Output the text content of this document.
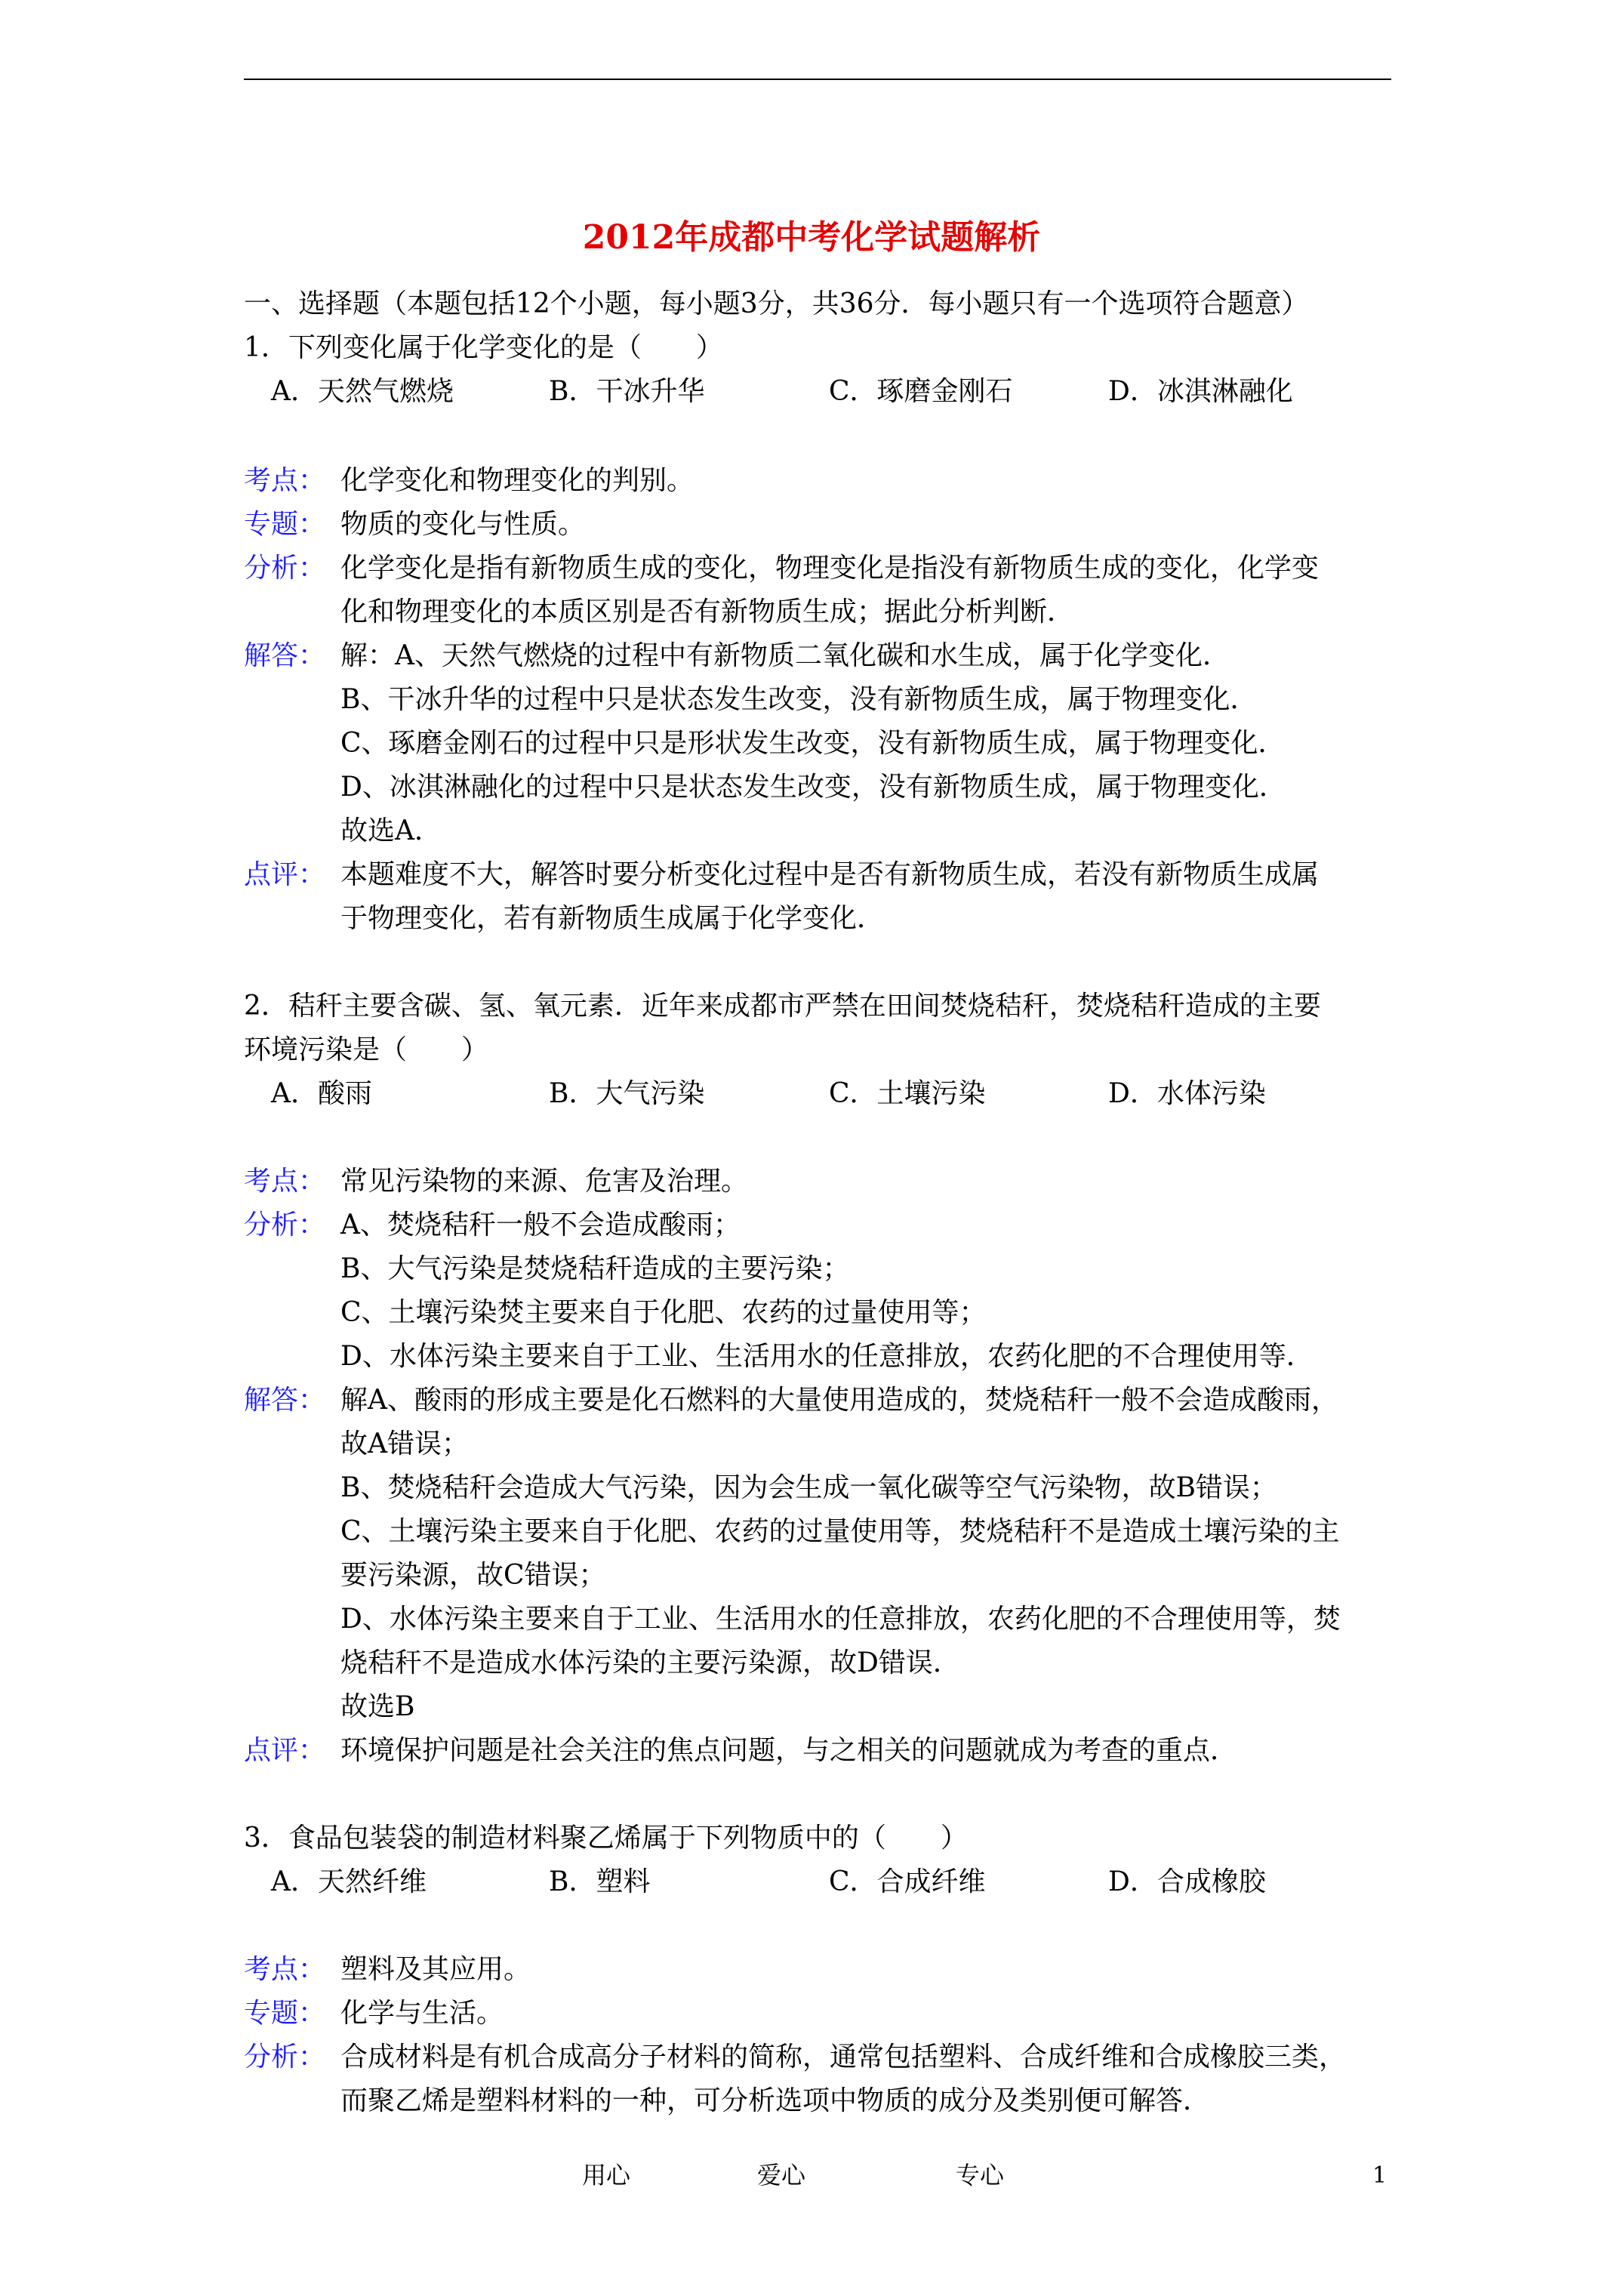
2012年成都中考化学试题解析
一、选择题（本题包括12个小题，每小题3分，共36分．每小题只有一个选项符合题意）
1．下列变化属于化学变化的是（　　）
A．天然气燃烧	B．干冰升华	C．琢磨金刚石	D．冰淇淋融化
考点： 化学变化和物理变化的判别。
专题： 物质的变化与性质。
分析： 化学变化是指有新物质生成的变化，物理变化是指没有新物质生成的变化，化学变
化和物理变化的本质区别是否有新物质生成；据此分析判断．
解答： 解：A、天然气燃烧的过程中有新物质二氧化碳和水生成，属于化学变化．
B、干冰升华的过程中只是状态发生改变，没有新物质生成，属于物理变化．
C、琢磨金刚石的过程中只是形状发生改变，没有新物质生成，属于物理变化．
D、冰淇淋融化的过程中只是状态发生改变，没有新物质生成，属于物理变化．
故选A．
点评： 本题难度不大，解答时要分析变化过程中是否有新物质生成，若没有新物质生成属
于物理变化，若有新物质生成属于化学变化．
2．秸秆主要含碳、氢、氧元素．近年来成都市严禁在田间焚烧秸秆，焚烧秸秆造成的主要
环境污染是（　　）
A．酸雨	B．大气污染	C．土壤污染	D．水体污染
考点： 常见污染物的来源、危害及治理。
分析： A、焚烧秸秆一般不会造成酸雨；
B、大气污染是焚烧秸秆造成的主要污染；
C、土壤污染焚主要来自于化肥、农药的过量使用等；
D、水体污染主要来自于工业、生活用水的任意排放，农药化肥的不合理使用等．
解答： 解A、酸雨的形成主要是化石燃料的大量使用造成的，焚烧秸秆一般不会造成酸雨，
故A错误；
B、焚烧秸秆会造成大气污染，因为会生成一氧化碳等空气污染物，故B错误；
C、土壤污染主要来自于化肥、农药的过量使用等，焚烧秸秆不是造成土壤污染的主
要污染源，故C错误；
D、水体污染主要来自于工业、生活用水的任意排放，农药化肥的不合理使用等，焚
烧秸秆不是造成水体污染的主要污染源，故D错误．
故选B
点评： 环境保护问题是社会关注的焦点问题，与之相关的问题就成为考查的重点．
3．食品包装袋的制造材料聚乙烯属于下列物质中的（　　）
A．天然纤维	B．塑料	C．合成纤维	D．合成橡胶
考点： 塑料及其应用。
专题： 化学与生活。
分析： 合成材料是有机合成高分子材料的简称，通常包括塑料、合成纤维和合成橡胶三类，
而聚乙烯是塑料材料的一种，可分析选项中物质的成分及类别便可解答．
用心	爱心	专心	1
